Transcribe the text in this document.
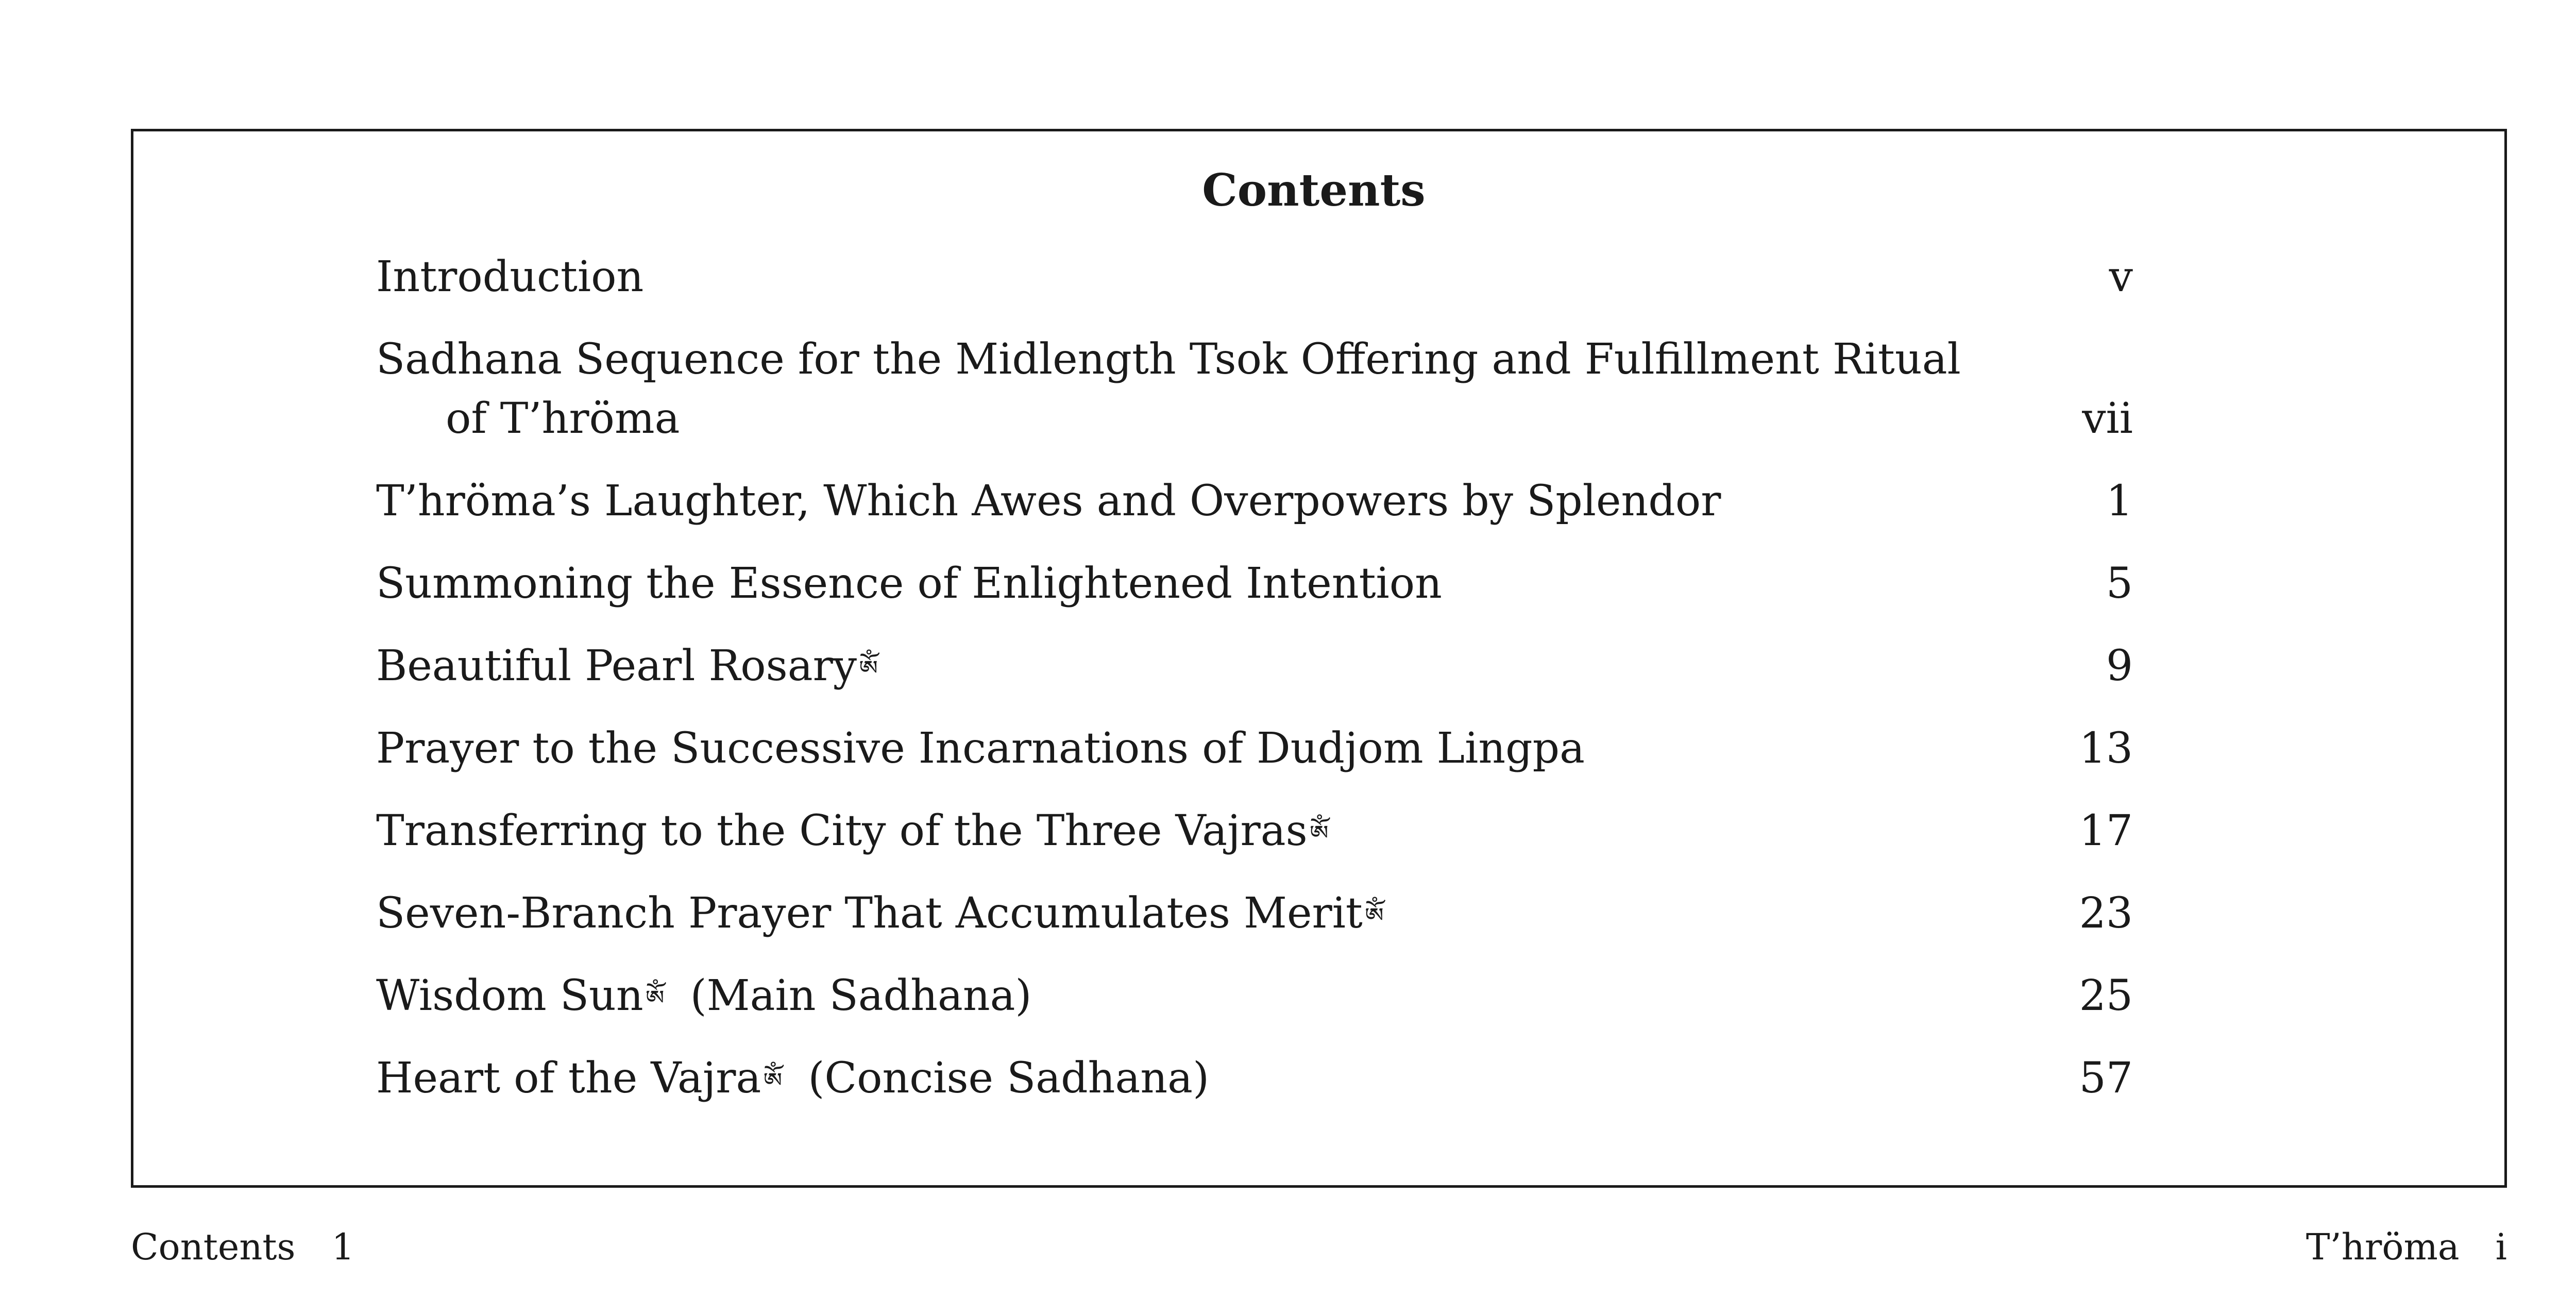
Contents
Introduction	v
Sadhana Sequence for the Midlength Tsok Offering and Fulfillment Ritual
of T’hröma	vii
T’hröma’s Laughter, Which Awes and Overpowers by Splendor	1
Summoning the Essence of Enlightened Intention	5
Beautiful Pearl Rosaryༀ	9
Prayer to the Successive Incarnations of Dudjom Lingpa	13
Transferring to the City of the Three Vajrasༀ	17
Seven-Branch Prayer That Accumulates Meritༀ	23
Wisdom Sunༀ (Main Sadhana)	25
Heart of the Vajraༀ (Concise Sadhana)	57
Contents 1	T’hröma i
